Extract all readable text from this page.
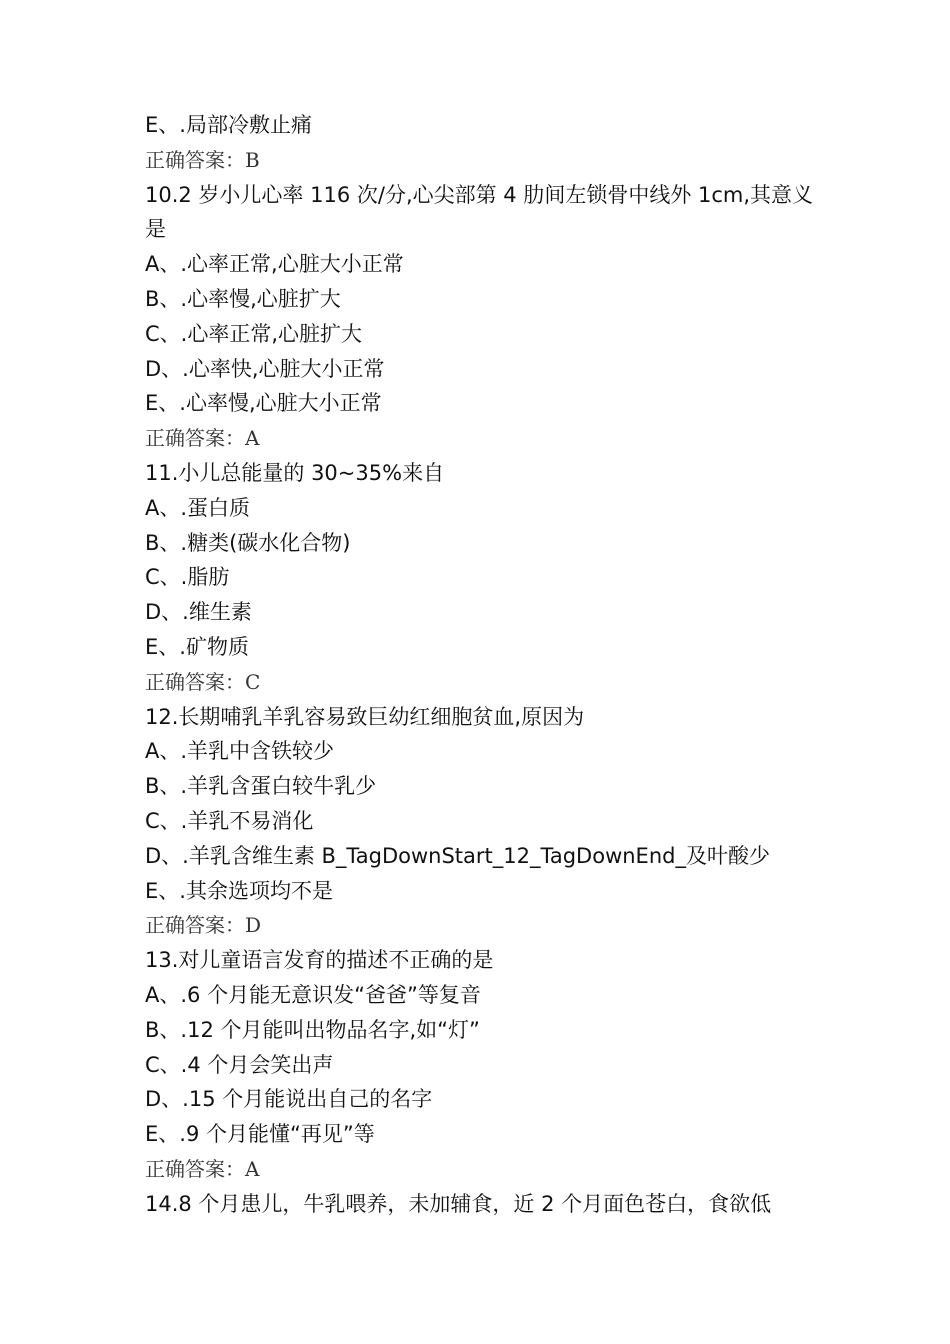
E、.局部冷敷止痛

正确答案：B

10.2 岁小儿心率 116 次/分,心尖部第 4 肋间左锁骨中线外 1cm,其意义是

A、.心率正常,心脏大小正常

B、.心率慢,心脏扩大

C、.心率正常,心脏扩大

D、.心率快,心脏大小正常

E、.心率慢,心脏大小正常

正确答案：A

11.小儿总能量的 30~35%来自

A、.蛋白质

B、.糖类(碳水化合物)

C、.脂肪

D、.维生素

E、.矿物质

正确答案：C

12.长期哺乳羊乳容易致巨幼红细胞贫血,原因为

A、.羊乳中含铁较少

B、.羊乳含蛋白较牛乳少

C、.羊乳不易消化

D、.羊乳含维生素 B_TagDownStart_12_TagDownEnd_及叶酸少

E、.其余选项均不是

正确答案：D

13.对儿童语言发育的描述不正确的是

A、.6 个月能无意识发“爸爸”等复音

B、.12 个月能叫出物品名字,如“灯”

C、.4 个月会笑出声

D、.15 个月能说出自己的名字

E、.9 个月能懂“再见”等

正确答案：A

14.8 个月患儿，牛乳喂养，未加辅食，近 2 个月面色苍白，食欲低
